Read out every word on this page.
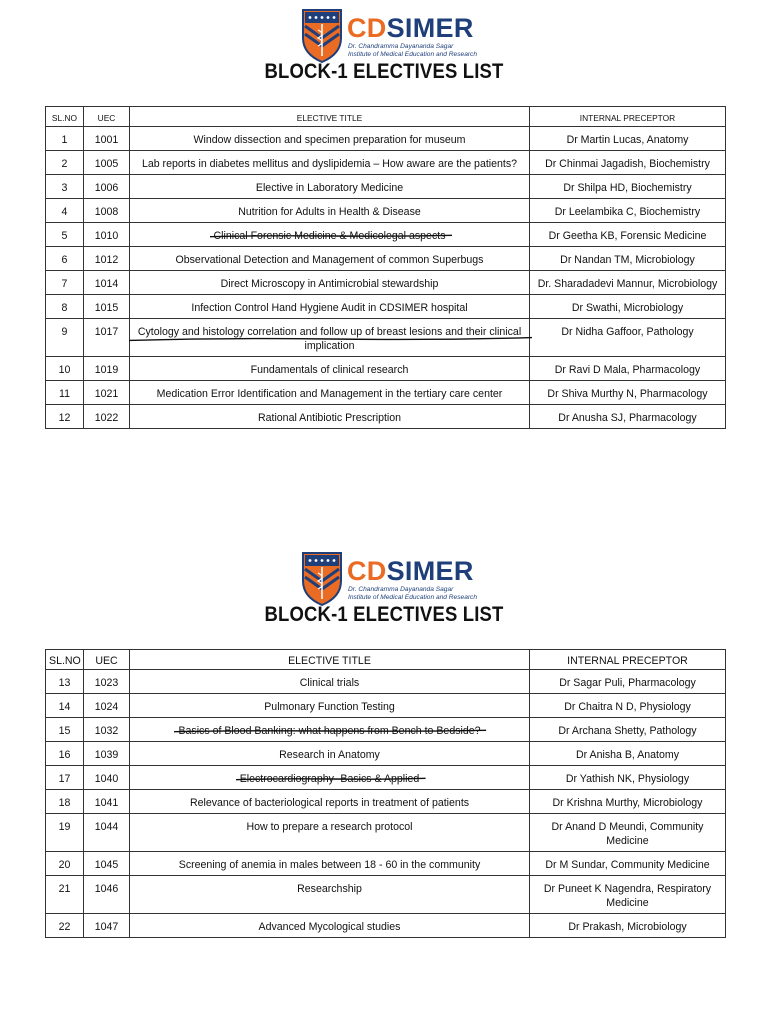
CDSIMER
Dr. Chandramma Dayananda Sagar
Institute of Medical Education and Research
BLOCK-1 ELECTIVES LIST
SL.NO	UEC	ELECTIVE TITLE	INTERNAL PRECEPTOR
1	1001	Window dissection and specimen preparation for museum	Dr Martin Lucas, Anatomy
2	1005	Lab reports in diabetes mellitus and dyslipidemia – How aware are the patients?	Dr Chinmai Jagadish, Biochemistry
3	1006	Elective in Laboratory Medicine	Dr Shilpa HD, Biochemistry
4	1008	Nutrition for Adults in Health & Disease	Dr Leelambika C, Biochemistry
5	1010	Clinical Forensic Medicine & Medicolegal aspects	Dr Geetha KB, Forensic Medicine
6	1012	Observational Detection and Management of common Superbugs	Dr Nandan TM, Microbiology
7	1014	Direct Microscopy in Antimicrobial stewardship	Dr. Sharadadevi Mannur, Microbiology
8	1015	Infection Control Hand Hygiene Audit in CDSIMER hospital	Dr Swathi, Microbiology
9	1017	Cytology and histology correlation and follow up of breast lesions and their clinical implication	Dr Nidha Gaffoor, Pathology
10	1019	Fundamentals of clinical research	Dr Ravi D Mala, Pharmacology
11	1021	Medication Error Identification and Management in the tertiary care center	Dr Shiva Murthy N, Pharmacology
12	1022	Rational Antibiotic Prescription	Dr Anusha SJ, Pharmacology
CDSIMER
Dr. Chandramma Dayananda Sagar
Institute of Medical Education and Research
BLOCK-1 ELECTIVES LIST
SL.NO	UEC	ELECTIVE TITLE	INTERNAL PRECEPTOR
13	1023	Clinical trials	Dr Sagar Puli, Pharmacology
14	1024	Pulmonary Function Testing	Dr Chaitra N D, Physiology
15	1032	Basics of Blood Banking: what happens from Bench to Bedside?	Dr Archana Shetty, Pathology
16	1039	Research in Anatomy	Dr Anisha B, Anatomy
17	1040	Electrocardiography- Basics & Applied	Dr Yathish NK, Physiology
18	1041	Relevance of bacteriological reports in treatment of patients	Dr Krishna Murthy, Microbiology
19	1044	How to prepare a research protocol	Dr Anand D Meundi, Community Medicine
20	1045	Screening of anemia in males between 18 - 60 in the community	Dr M Sundar, Community Medicine
21	1046	Researchship	Dr Puneet K Nagendra, Respiratory Medicine
22	1047	Advanced Mycological studies	Dr Prakash, Microbiology
